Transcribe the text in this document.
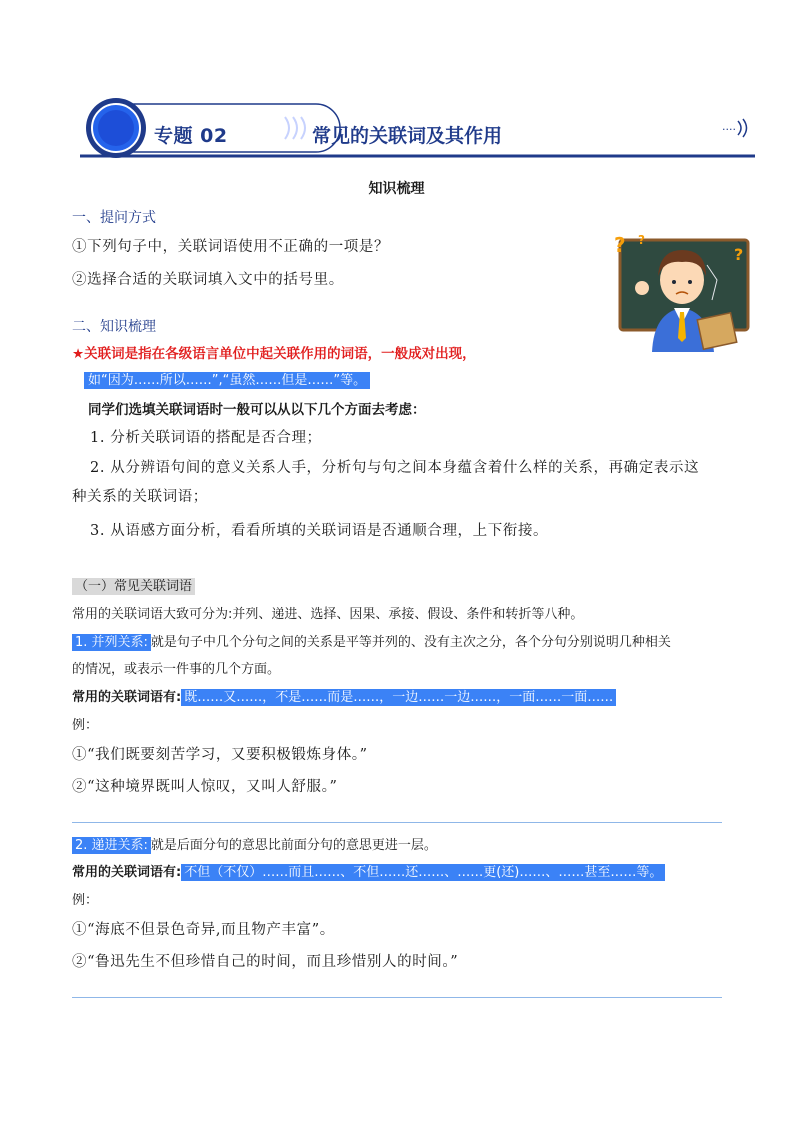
····
专题 02	常见的关联词及其作用
知识梳理
一、提问方式
①下列句子中，关联词语使用不正确的一项是？
②选择合适的关联词填入文中的括号里。
? ?
?
二、知识梳理
★关联词是指在各级语言单位中起关联作用的词语，一般成对出现，
如“因为……所以……”,“虽然……但是……”等。
同学们选填关联词语时一般可以从以下几个方面去考虑：
1. 分析关联词语的搭配是否合理；
2. 从分辨语句间的意义关系人手，分析句与句之间本身蕴含着什么样的关系，再确定表示这
种关系的关联词语；
3. 从语感方面分析，看看所填的关联词语是否通顺合理，上下衔接。
（一）常见关联词语
常用的关联词语大致可分为:并列、递进、选择、因果、承接、假设、条件和转折等八种。
1. 并列关系: 就是句子中几个分句之间的关系是平等并列的、没有主次之分，各个分句分别说明几种相关
的情况，或表示一件事的几个方面。
常用的关联词语有: 既……又……，不是……而是……，一边……一边……，一面……一面……
例：
①“我们既要刻苦学习，又要积极锻炼身体。”
②“这种境界既叫人惊叹，又叫人舒服。”
2. 递进关系: 就是后面分句的意思比前面分句的意思更进一层。
常用的关联词语有: 不但（不仅）……而且……、不但……还……、……更(还)……、……甚至……等。
例：
①“海底不但景色奇异,而且物产丰富”。
②“鲁迅先生不但珍惜自己的时间，而且珍惜别人的时间。”
